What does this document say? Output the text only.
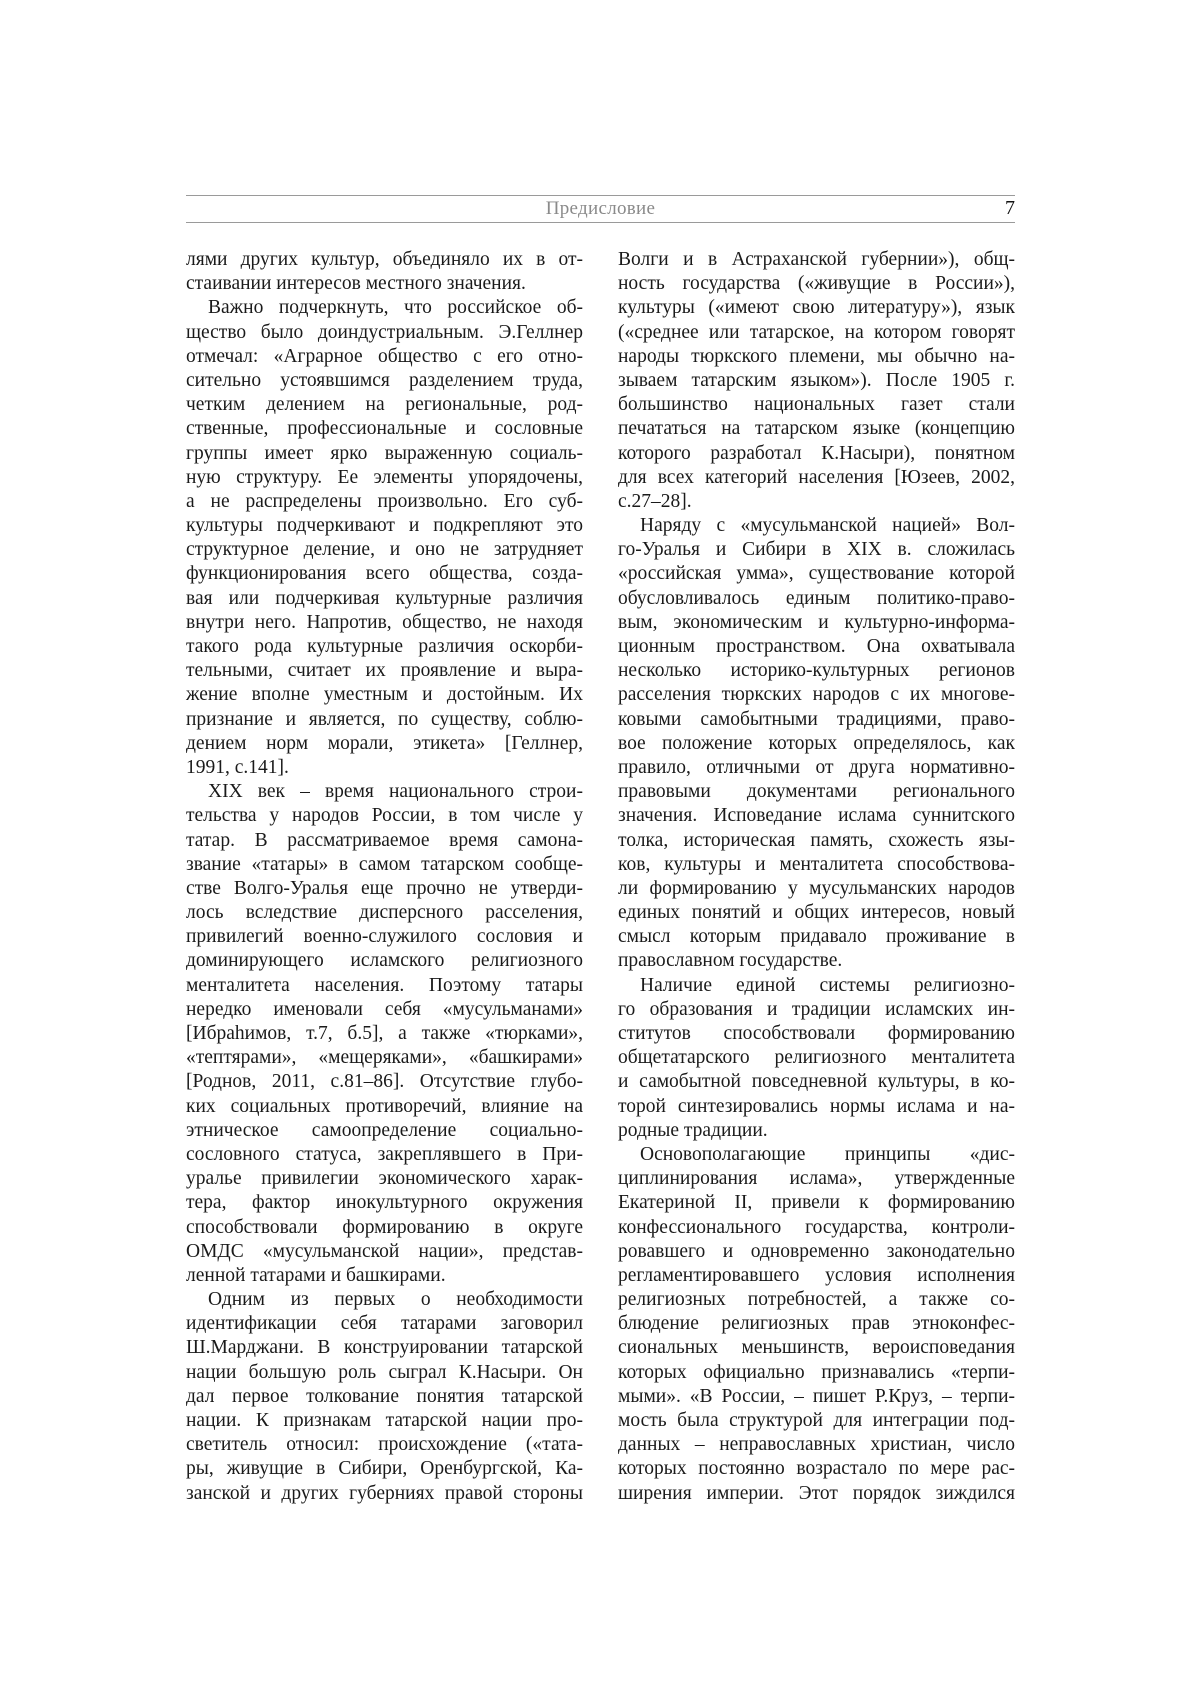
Предисловие	7
лями других культур, объединяло их в от-
стаивании интересов местного значения.
Важно подчеркнуть, что российское об-
щество было доиндустриальным. Э.Геллнер
отмечал: «Аграрное общество с его отно-
сительно устоявшимся разделением труда,
четким делением на региональные, род-
ственные, профессиональные и сословные
группы имеет ярко выраженную социаль-
ную структуру. Ее элементы упорядочены,
а не распределены произвольно. Его суб-
культуры подчеркивают и подкрепляют это
структурное деление, и оно не затрудняет
функционирования всего общества, созда-
вая или подчеркивая культурные различия
внутри него. Напротив, общество, не находя
такого рода культурные различия оскорби-
тельными, считает их проявление и выра-
жение вполне уместным и достойным. Их
признание и является, по существу, соблю-
дением норм морали, этикета» [Геллнер,
1991, с.141].
XIX век – время национального строи-
тельства у народов России, в том числе у
татар. В рассматриваемое время самона-
звание «татары» в самом татарском сообще-
стве Волго-Уралья еще прочно не утверди-
лось вследствие дисперсного расселения,
привилегий военно-служилого сословия и
доминирующего исламского религиозного
менталитета населения. Поэтому татары
нередко именовали себя «мусульманами»
[Ибраhимов, т.7, б.5], а также «тюрками»,
«тептярами», «мещеряками», «башкирами»
[Роднов, 2011, с.81–86]. Отсутствие глубо-
ких социальных противоречий, влияние на
этническое самоопределение социально-
сословного статуса, закреплявшего в При-
уралье привилегии экономического харак-
тера, фактор инокультурного окружения
способствовали формированию в округе
ОМДС «мусульманской нации», представ-
ленной татарами и башкирами.
Одним из первых о необходимости
идентификации себя татарами заговорил
Ш.Марджани. В конструировании татарской
нации большую роль сыграл К.Насыри. Он
дал первое толкование понятия татарской
нации. К признакам татарской нации про-
светитель относил: происхождение («тата-
ры, живущие в Сибири, Оренбургской, Ка-
занской и других губерниях правой стороны
Волги и в Астраханской губернии»), общ-
ность государства («живущие в России»),
культуры («имеют свою литературу»), язык
(«среднее или татарское, на котором говорят
народы тюркского племени, мы обычно на-
зываем татарским языком»). После 1905 г.
большинство национальных газет стали
печататься на татарском языке (концепцию
которого разработал К.Насыри), понятном
для всех категорий населения [Юзеев, 2002,
с.27–28].
Наряду с «мусульманской нацией» Вол-
го-Уралья и Сибири в XIX в. сложилась
«российская умма», существование которой
обусловливалось единым политико-право-
вым, экономическим и культурно-информа-
ционным пространством. Она охватывала
несколько историко-культурных регионов
расселения тюркских народов с их многове-
ковыми самобытными традициями, право-
вое положение которых определялось, как
правило, отличными от друга нормативно-
правовыми документами регионального
значения. Исповедание ислама суннитского
толка, историческая память, схожесть язы-
ков, культуры и менталитета способствова-
ли формированию у мусульманских народов
единых понятий и общих интересов, новый
смысл которым придавало проживание в
православном государстве.
Наличие единой системы религиозно-
го образования и традиции исламских ин-
ститутов способствовали формированию
общетатарского религиозного менталитета
и самобытной повседневной культуры, в ко-
торой синтезировались нормы ислама и на-
родные традиции.
Основополагающие принципы «дис-
циплинирования ислама», утвержденные
Екатериной II, привели к формированию
конфессионального государства, контроли-
ровавшего и одновременно законодательно
регламентировавшего условия исполнения
религиозных потребностей, а также со-
блюдение религиозных прав этноконфес-
сиональных меньшинств, вероисповедания
которых официально признавались «терпи-
мыми». «В России, – пишет Р.Круз, – терпи-
мость была структурой для интеграции под-
данных – неправославных христиан, число
которых постоянно возрастало по мере рас-
ширения империи. Этот порядок зиждился
